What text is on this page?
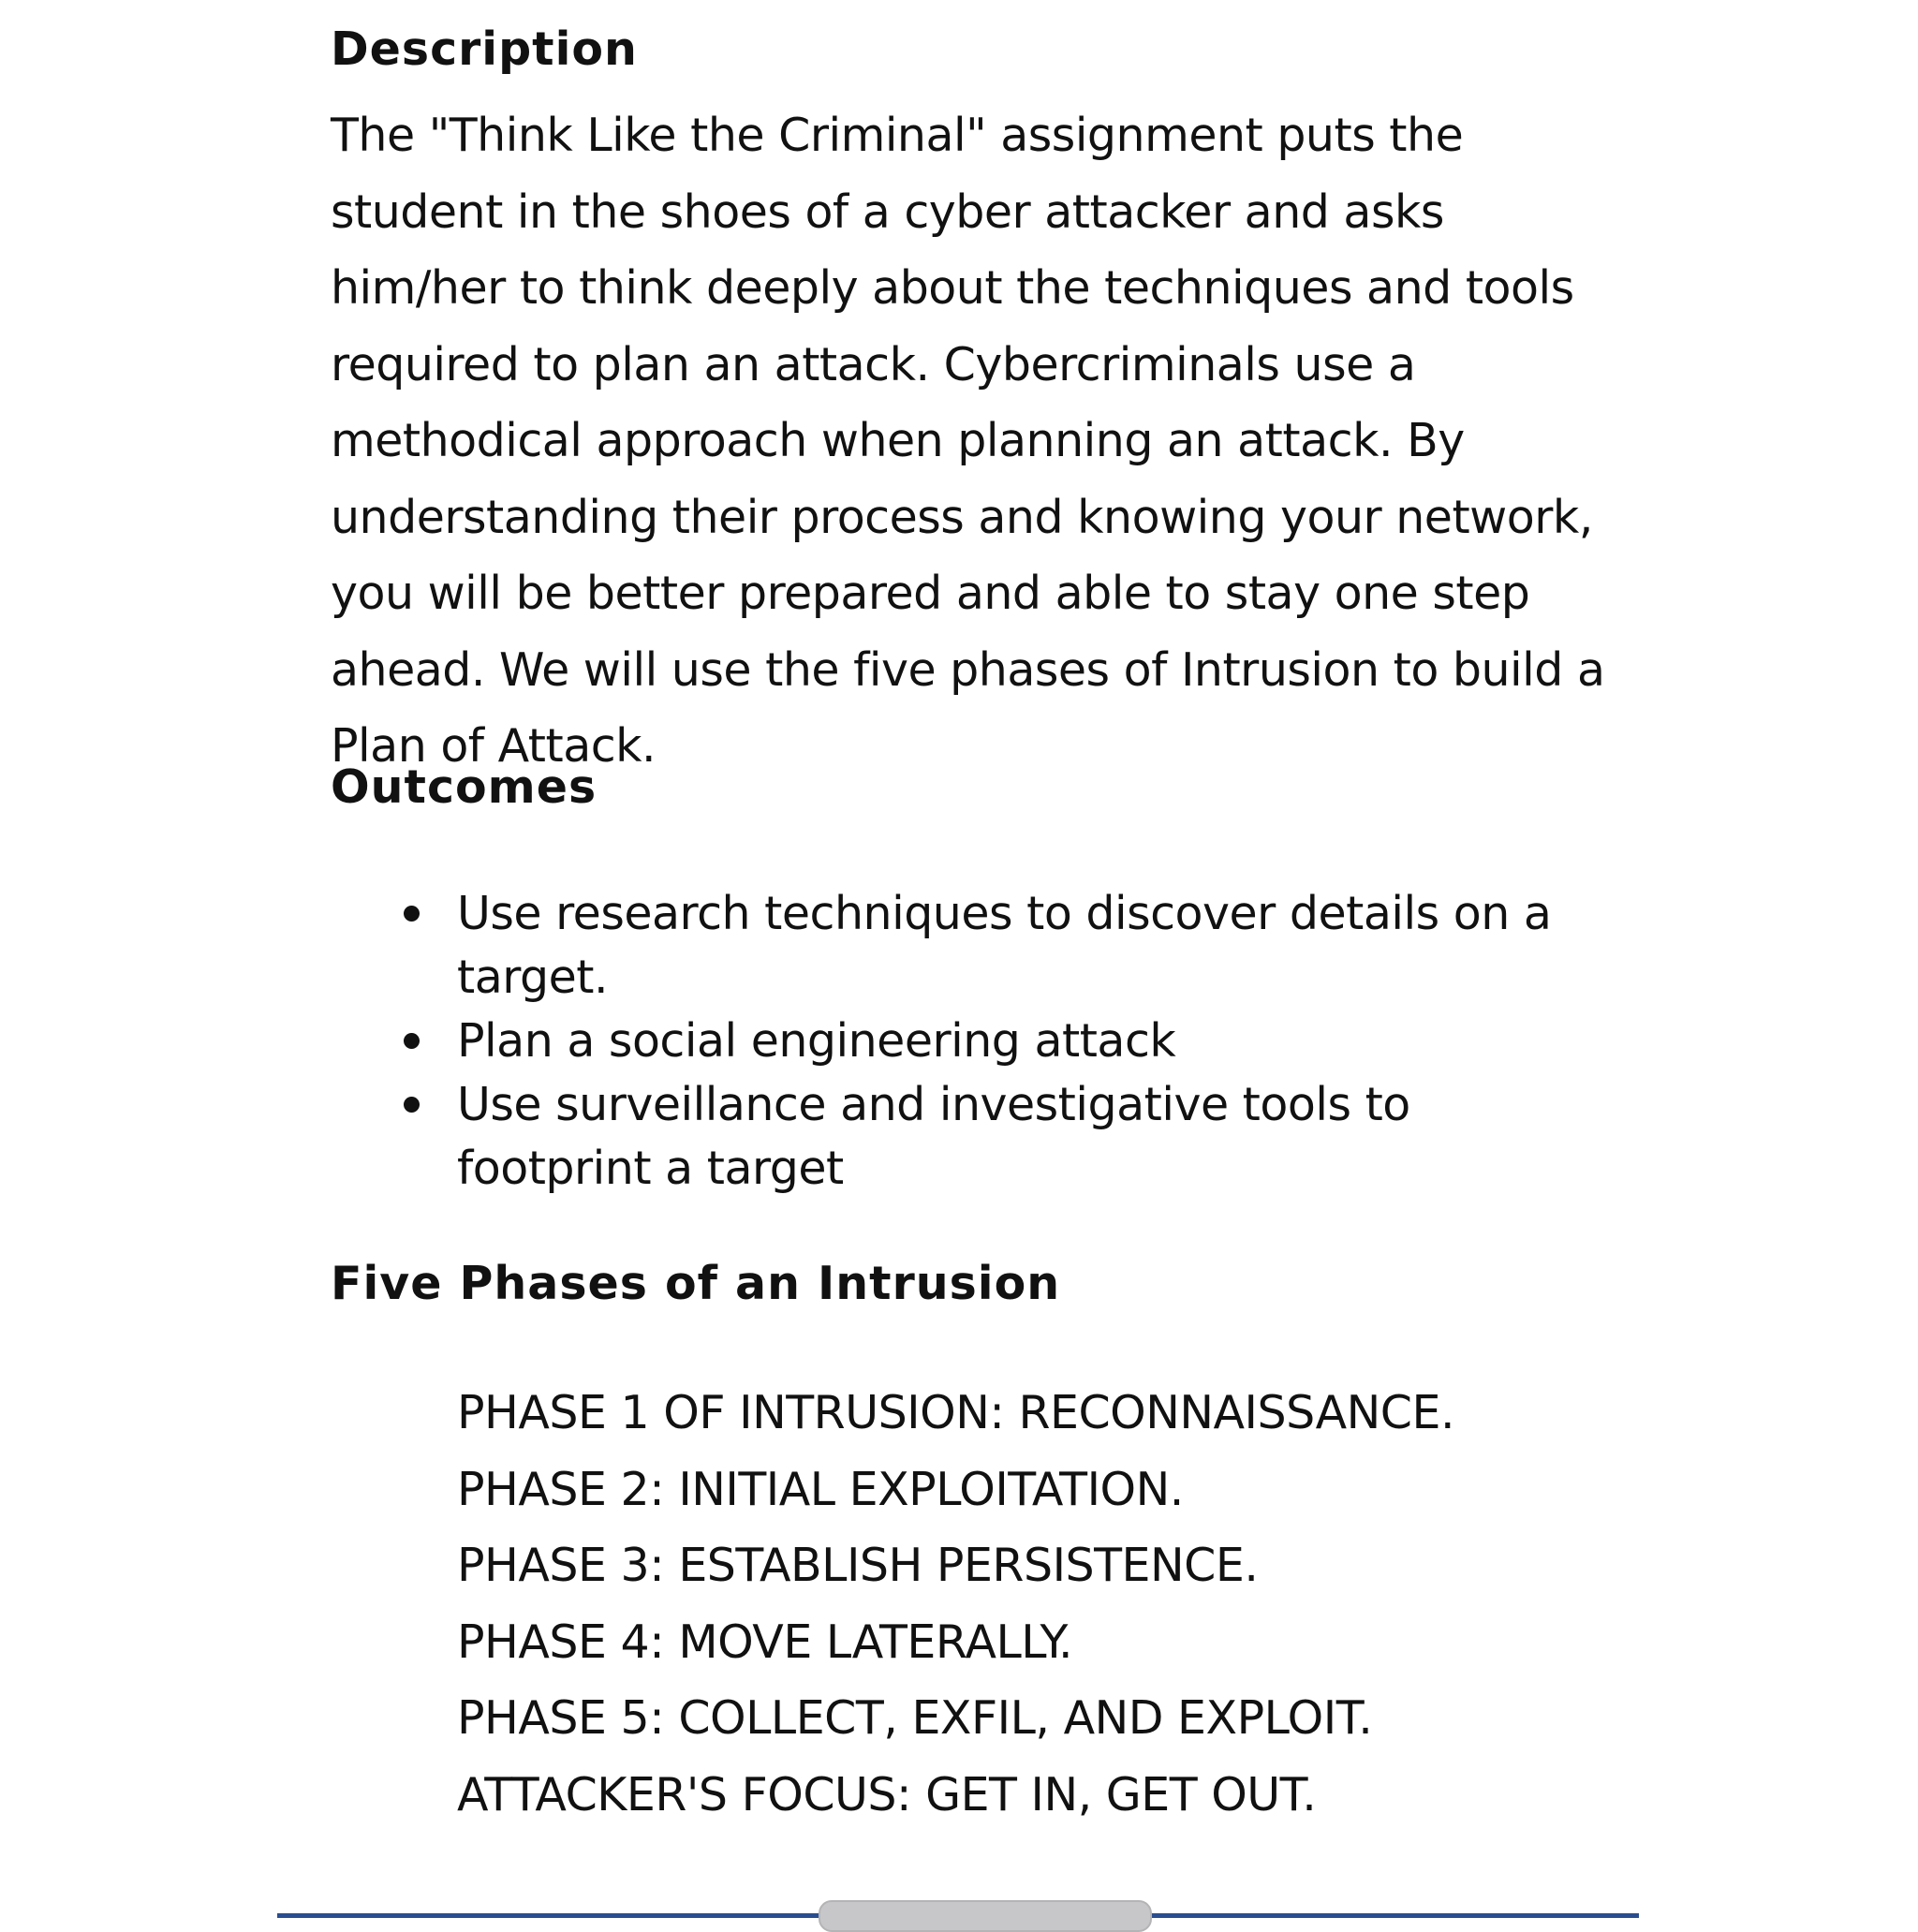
Description

The "Think Like the Criminal" assignment puts the student in the shoes of a cyber attacker and asks him/her to think deeply about the techniques and tools required to plan an attack. Cybercriminals use a methodical approach when planning an attack. By understanding their process and knowing your network, you will be better prepared and able to stay one step ahead. We will use the five phases of Intrusion to build a Plan of Attack.

Outcomes
Use research techniques to discover details on a target.
Plan a social engineering attack
Use surveillance and investigative tools to footprint a target
Five Phases of an Intrusion
PHASE 1 OF INTRUSION: RECONNAISSANCE.
PHASE 2: INITIAL EXPLOITATION.
PHASE 3: ESTABLISH PERSISTENCE.
PHASE 4: MOVE LATERALLY.
PHASE 5: COLLECT, EXFIL, AND EXPLOIT.
ATTACKER'S FOCUS: GET IN, GET OUT.
